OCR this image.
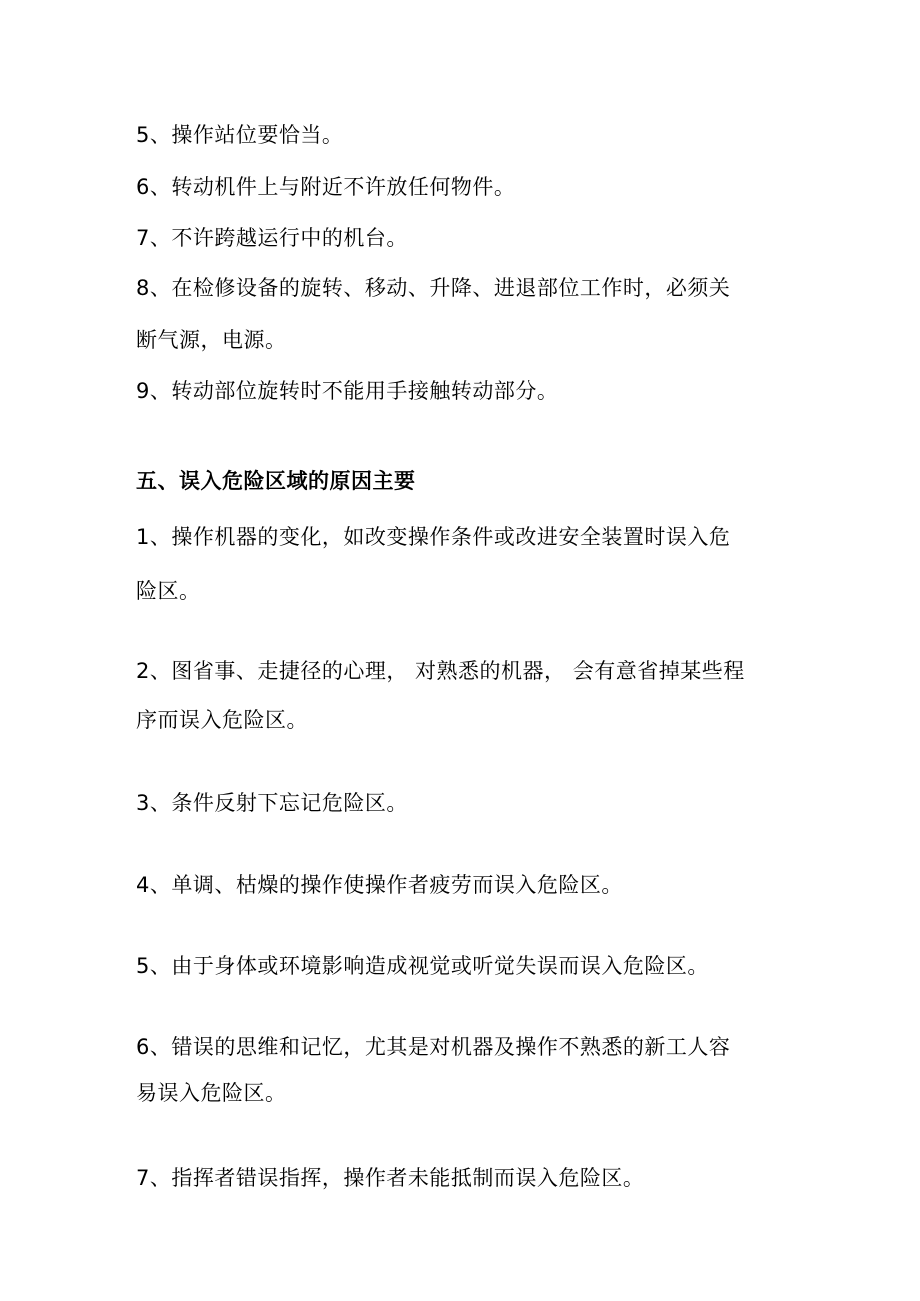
5、操作站位要恰当。
6、转动机件上与附近不许放任何物件。
7、不许跨越运行中的机台。
8、在检修设备的旋转、移动、升降、进退部位工作时，必须关
断气源，电源。
9、转动部位旋转时不能用手接触转动部分。
五、误入危险区域的原因主要
1、操作机器的变化，如改变操作条件或改进安全装置时误入危
险区。
2、图省事、走捷径的心理， 对熟悉的机器， 会有意省掉某些程
序而误入危险区。
3、条件反射下忘记危险区。
4、单调、枯燥的操作使操作者疲劳而误入危险区。
5、由于身体或环境影响造成视觉或听觉失误而误入危险区。
6、错误的思维和记忆，尤其是对机器及操作不熟悉的新工人容
易误入危险区。
7、指挥者错误指挥，操作者未能抵制而误入危险区。
